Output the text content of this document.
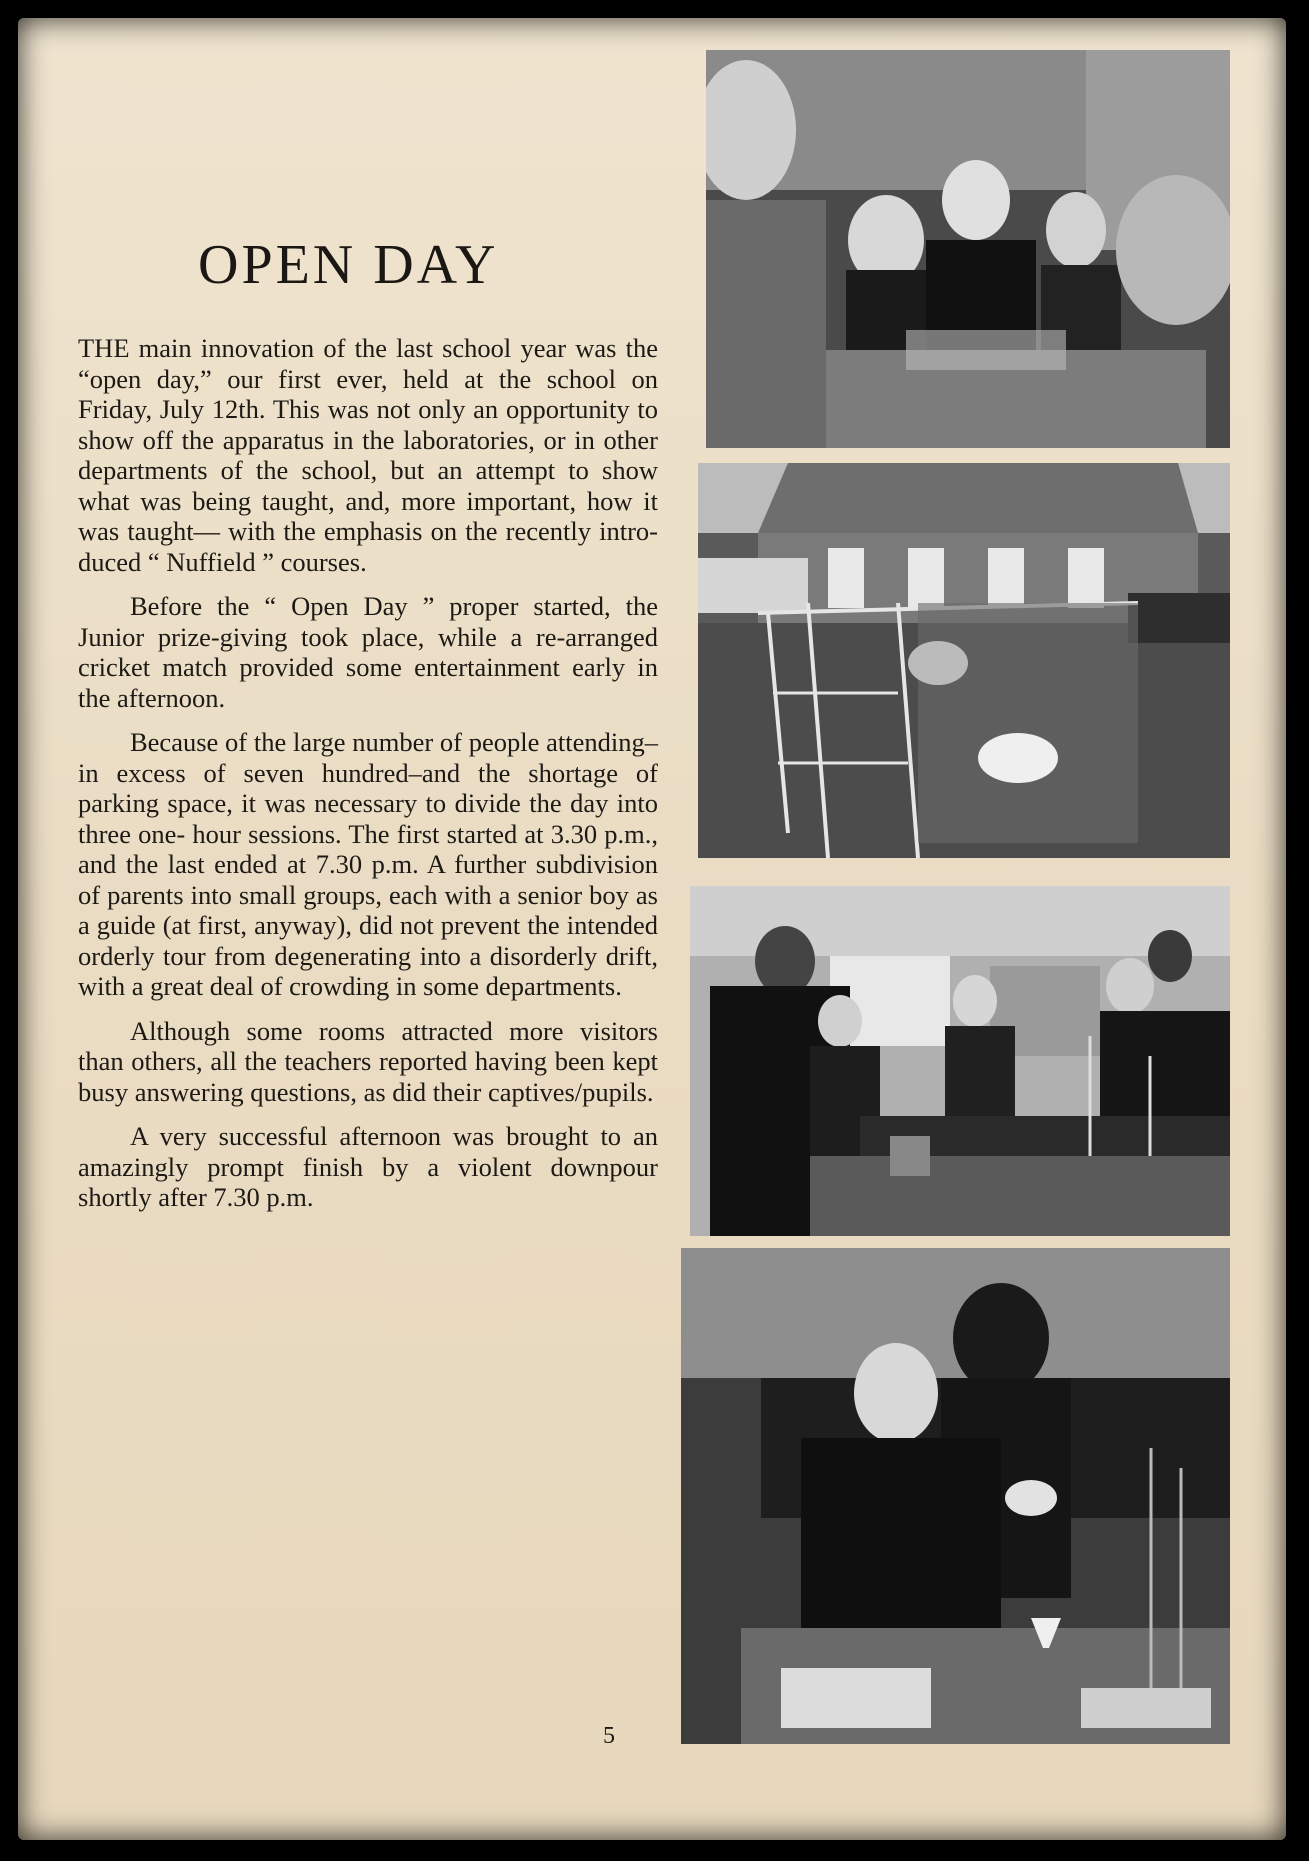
OPEN DAY

THE main innovation of the last school year was the “open day,” our first ever, held at the school on Friday, July 12th. This was not only an opportunity to show off the apparatus in the laboratories, or in other departments of the school, but an attempt to show what was being taught, and, more important, how it was taught— with the emphasis on the recently intro- duced “ Nuffield ” courses.

Before the “ Open Day ” proper started, the Junior prize-giving took place, while a re-arranged cricket match provided some entertainment early in the afternoon.

Because of the large number of people attending–in excess of seven hundred–and the shortage of parking space, it was necessary to divide the day into three one- hour sessions. The first started at 3.30 p.m., and the last ended at 7.30 p.m. A further subdivision of parents into small groups, each with a senior boy as a guide (at first, anyway), did not prevent the intended orderly tour from degenerating into a disorderly drift, with a great deal of crowding in some departments.

Although some rooms attracted more visitors than others, all the teachers reported having been kept busy answering questions, as did their captives/pupils.

A very successful afternoon was brought to an amazingly prompt finish by a violent downpour shortly after 7.30 p.m.

5
